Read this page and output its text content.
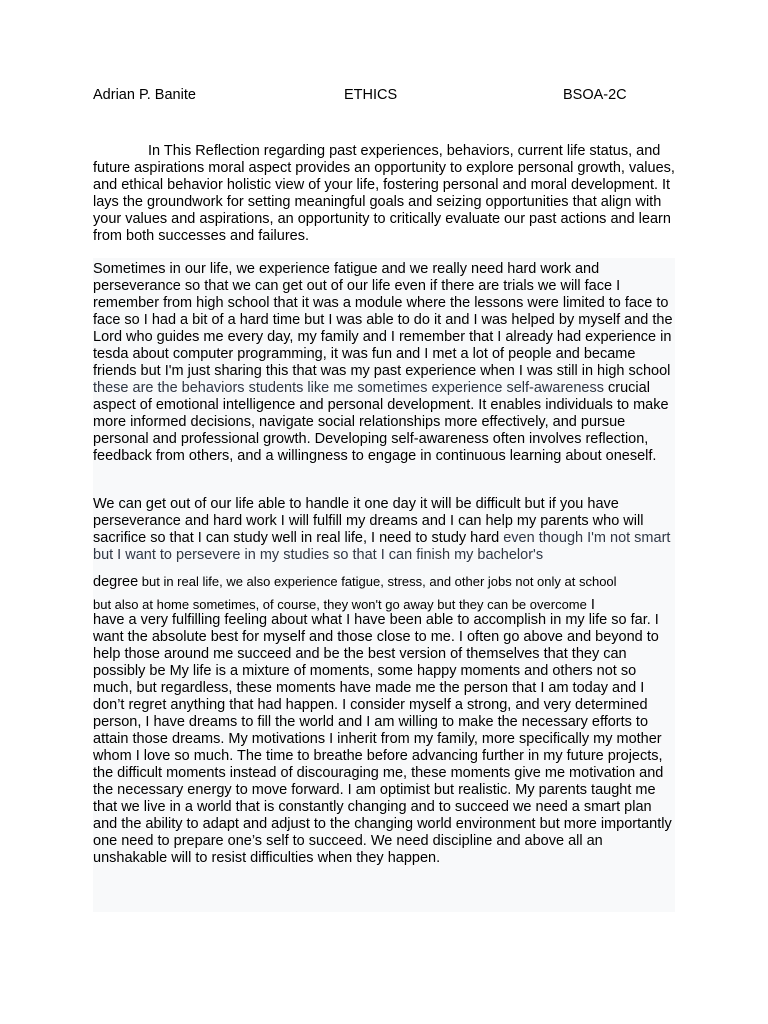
Adrian P. Banite	ETHICS	BSOA-2C

In This Reflection regarding past experiences, behaviors, current life status, and future aspirations moral aspect provides an opportunity to explore personal growth, values, and ethical behavior holistic view of your life, fostering personal and moral development. It lays the groundwork for setting meaningful goals and seizing opportunities that align with your values and aspirations, an opportunity to critically evaluate our past actions and learn from both successes and failures.

Sometimes in our life, we experience fatigue and we really need hard work and perseverance so that we can get out of our life even if there are trials we will face I remember from high school that it was a module where the lessons were limited to face to face so I had a bit of a hard time but I was able to do it and I was helped by myself and the Lord who guides me every day, my family and I remember that I already had experience in tesda about computer programming, it was fun and I met a lot of people and became friends but I'm just sharing this that was my past experience when I was still in high school these are the behaviors students like me sometimes experience self-awareness crucial aspect of emotional intelligence and personal development. It enables individuals to make more informed decisions, navigate social relationships more effectively, and pursue personal and professional growth. Developing self-awareness often involves reflection, feedback from others, and a willingness to engage in continuous learning about oneself.

We can get out of our life able to handle it one day it will be difficult but if you have perseverance and hard work I will fulfill my dreams and I can help my parents who will sacrifice so that I can study well in real life, I need to study hard even though I'm not smart but I want to persevere in my studies so that I can finish my bachelor's

degree but in real life, we also experience fatigue, stress, and other jobs not only at school

but also at home sometimes, of course, they won't go away but they can be overcome I

have a very fulfilling feeling about what I have been able to accomplish in my life so far. I want the absolute best for myself and those close to me. I often go above and beyond to help those around me succeed and be the best version of themselves that they can possibly be My life is a mixture of moments, some happy moments and others not so much, but regardless, these moments have made me the person that I am today and I don’t regret anything that had happen. I consider myself a strong, and very determined person, I have dreams to fill the world and I am willing to make the necessary efforts to attain those dreams. My motivations I inherit from my family, more specifically my mother whom I love so much. The time to breathe before advancing further in my future projects, the difficult moments instead of discouraging me, these moments give me motivation and the necessary energy to move forward. I am optimist but realistic. My parents taught me that we live in a world that is constantly changing and to succeed we need a smart plan and the ability to adapt and adjust to the changing world environment but more importantly one need to prepare one’s self to succeed. We need discipline and above all an unshakable will to resist difficulties when they happen.
